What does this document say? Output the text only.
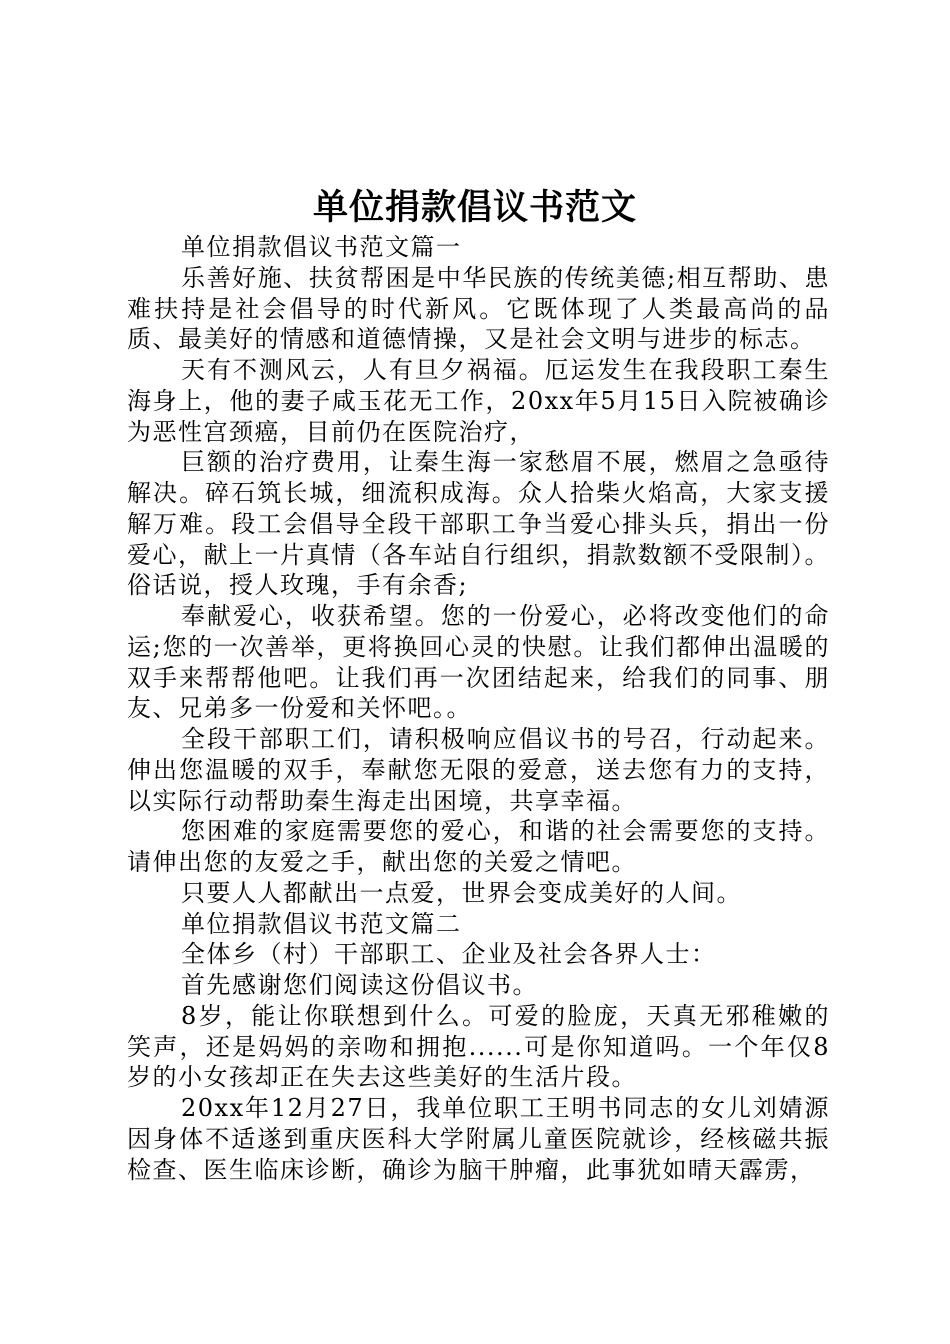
单位捐款倡议书范文

单位捐款倡议书范文篇一

乐善好施、扶贫帮困是中华民族的传统美德;相互帮助、患难扶持是社会倡导的时代新风。它既体现了人类最高尚的品质、最美好的情感和道德情操，又是社会文明与进步的标志。

天有不测风云，人有旦夕祸福。厄运发生在我段职工秦生海身上，他的妻子咸玉花无工作，20xx年5月15日入院被确诊为恶性宫颈癌，目前仍在医院治疗，

巨额的治疗费用，让秦生海一家愁眉不展，燃眉之急亟待解决。碎石筑长城，细流积成海。众人拾柴火焰高，大家支援解万难。段工会倡导全段干部职工争当爱心排头兵，捐出一份爱心，献上一片真情（各车站自行组织，捐款数额不受限制）。俗话说，授人玫瑰，手有余香;

奉献爱心，收获希望。您的一份爱心，必将改变他们的命运;您的一次善举，更将换回心灵的快慰。让我们都伸出温暖的双手来帮帮他吧。让我们再一次团结起来，给我们的同事、朋友、兄弟多一份爱和关怀吧。。

全段干部职工们，请积极响应倡议书的号召，行动起来。伸出您温暖的双手，奉献您无限的爱意，送去您有力的支持，以实际行动帮助秦生海走出困境，共享幸福。

您困难的家庭需要您的爱心，和谐的社会需要您的支持。请伸出您的友爱之手，献出您的关爱之情吧。

只要人人都献出一点爱，世界会变成美好的人间。

单位捐款倡议书范文篇二

全体乡（村）干部职工、企业及社会各界人士：

首先感谢您们阅读这份倡议书。

8岁，能让你联想到什么。可爱的脸庞，天真无邪稚嫩的笑声，还是妈妈的亲吻和拥抱......可是你知道吗。一个年仅8岁的小女孩却正在失去这些美好的生活片段。

20xx年12月27日，我单位职工王明书同志的女儿刘婧源因身体不适遂到重庆医科大学附属儿童医院就诊，经核磁共振检查、医生临床诊断，确诊为脑干肿瘤，此事犹如晴天霹雳，
